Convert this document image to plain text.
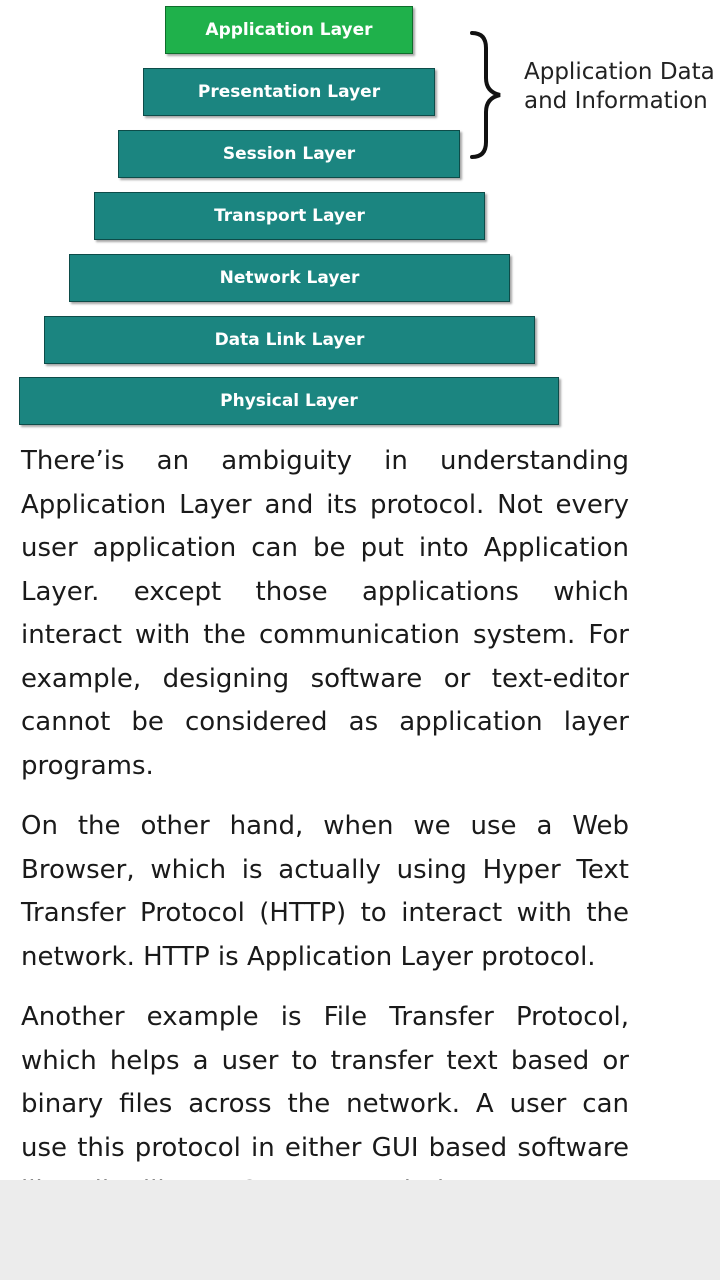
Application Layer
Presentation Layer
Session Layer
Transport Layer
Network Layer
Data Link Layer
Physical Layer
Application Data
and Information

There’is an ambiguity in understanding Application Layer and its protocol. Not every user application can be put into Application Layer. except those applications which interact with the communication system. For example, designing software or text-editor cannot be considered as application layer programs.

On the other hand, when we use a Web Browser, which is actually using Hyper Text Transfer Protocol (HTTP) to interact with the network. HTTP is Application Layer protocol.

Another example is File Transfer Protocol, which helps a user to transfer text based or binary files across the network. A user can use this protocol in either GUI based software
